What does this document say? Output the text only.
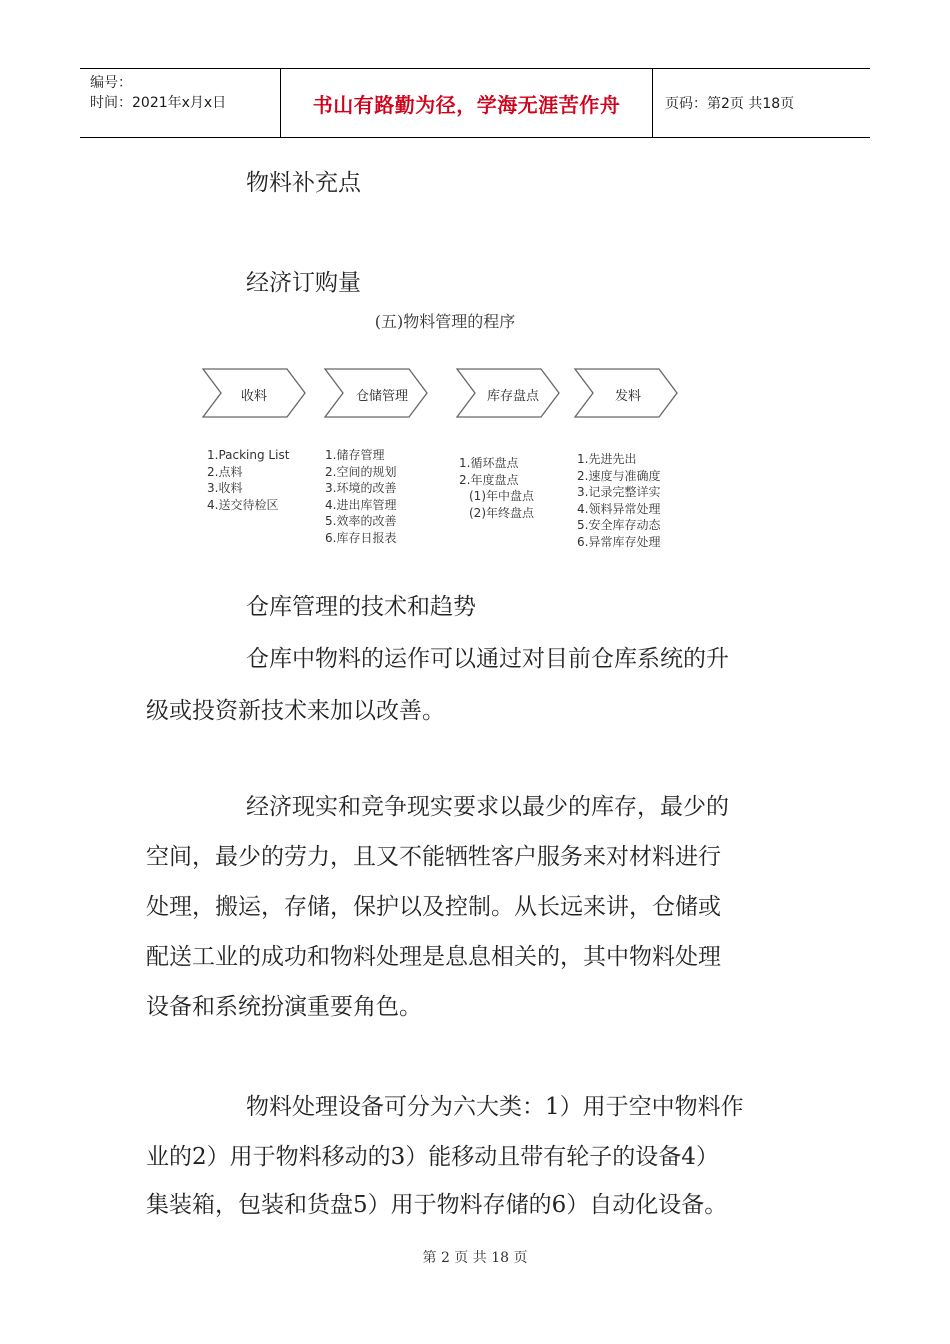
编号：
时间：2021年x月x日	书山有路勤为径，学海无涯苦作舟	页码：第2页 共18页
物料补充点
经济订购量
(五)物料管理的程序
收料	仓储管理	库存盘点	发料
1.Packing List
2.点料
3.收料
4.送交待检区
1.储存管理
2.空间的规划
3.环境的改善
4.进出库管理
5.效率的改善
6.库存日报表
1.循环盘点
2.年度盘点
(1)年中盘点
(2)年终盘点
1.先进先出
2.速度与准确度
3.记录完整详实
4.领料异常处理
5.安全库存动态
6.异常库存处理
仓库管理的技术和趋势
仓库中物料的运作可以通过对目前仓库系统的升
级或投资新技术来加以改善。
经济现实和竞争现实要求以最少的库存，最少的
空间，最少的劳力，且又不能牺牲客户服务来对材料进行
处理，搬运，存储，保护以及控制。从长远来讲，仓储或
配送工业的成功和物料处理是息息相关的，其中物料处理
设备和系统扮演重要角色。
物料处理设备可分为六大类：1）用于空中物料作
业的2）用于物料移动的3）能移动且带有轮子的设备4）
集装箱，包装和货盘5）用于物料存储的6）自动化设备。
第 2 页 共 18 页
